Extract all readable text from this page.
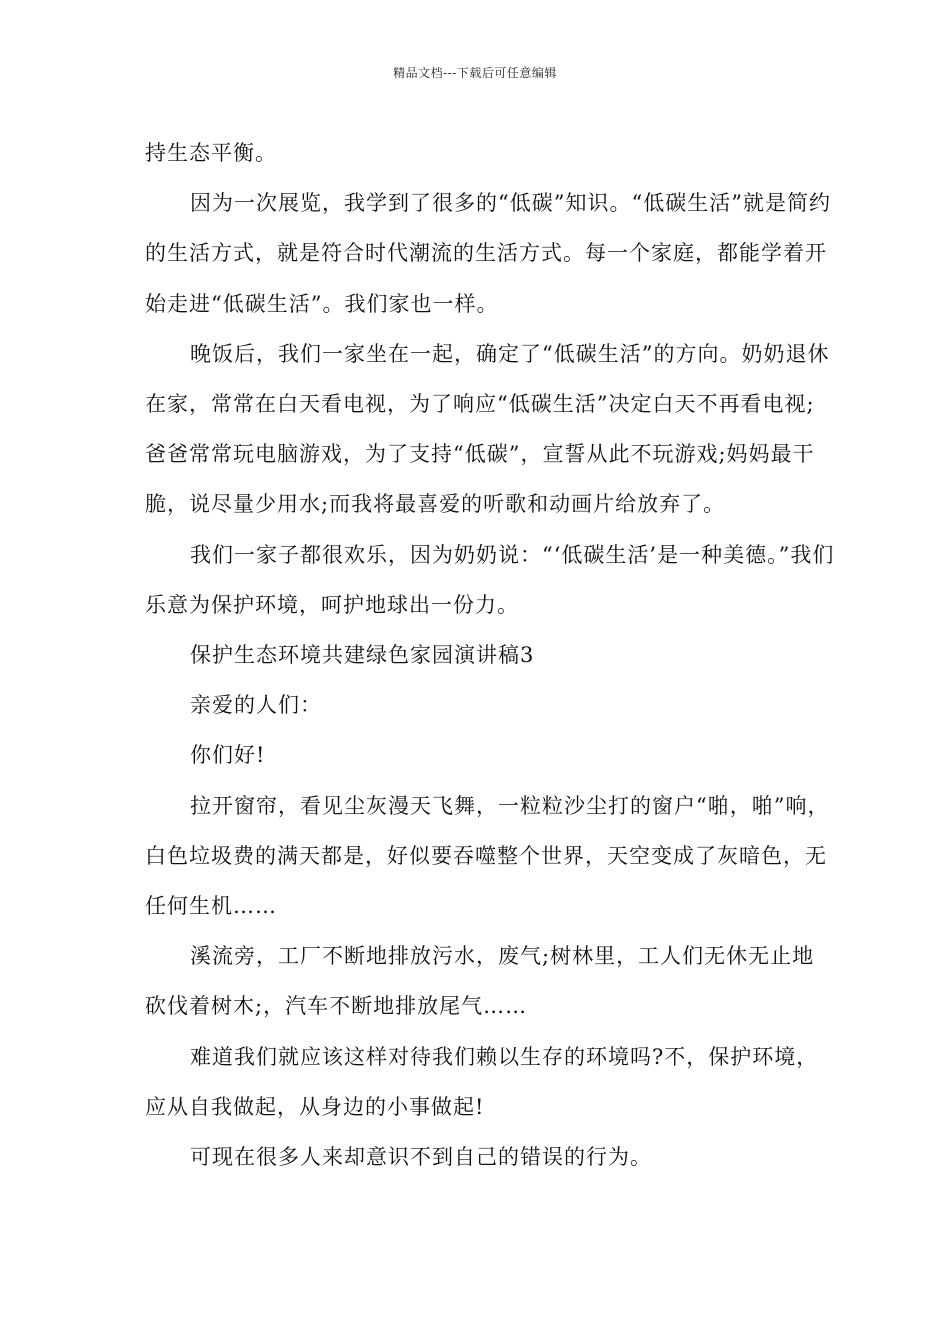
精品文档---下载后可任意编辑

持生态平衡。

因为一次展览，我学到了很多的“低碳”知识。“低碳生活”就是简约的生活方式，就是符合时代潮流的生活方式。每一个家庭，都能学着开始走进“低碳生活”。我们家也一样。

晚饭后，我们一家坐在一起，确定了“低碳生活”的方向。奶奶退休在家，常常在白天看电视，为了响应“低碳生活”决定白天不再看电视;爸爸常常玩电脑游戏，为了支持“低碳”，宣誓从此不玩游戏;妈妈最干脆，说尽量少用水;而我将最喜爱的听歌和动画片给放弃了。

我们一家子都很欢乐，因为奶奶说：“‘低碳生活’是一种美德。”我们乐意为保护环境，呵护地球出一份力。

保护生态环境共建绿色家园演讲稿3

亲爱的人们：

你们好!

拉开窗帘，看见尘灰漫天飞舞，一粒粒沙尘打的窗户“啪，啪”响，白色垃圾费的满天都是，好似要吞噬整个世界，天空变成了灰暗色，无任何生机……

溪流旁，工厂不断地排放污水，废气;树林里，工人们无休无止地砍伐着树木;，汽车不断地排放尾气……

难道我们就应该这样对待我们赖以生存的环境吗?不，保护环境，应从自我做起，从身边的小事做起!

可现在很多人来却意识不到自己的错误的行为。
